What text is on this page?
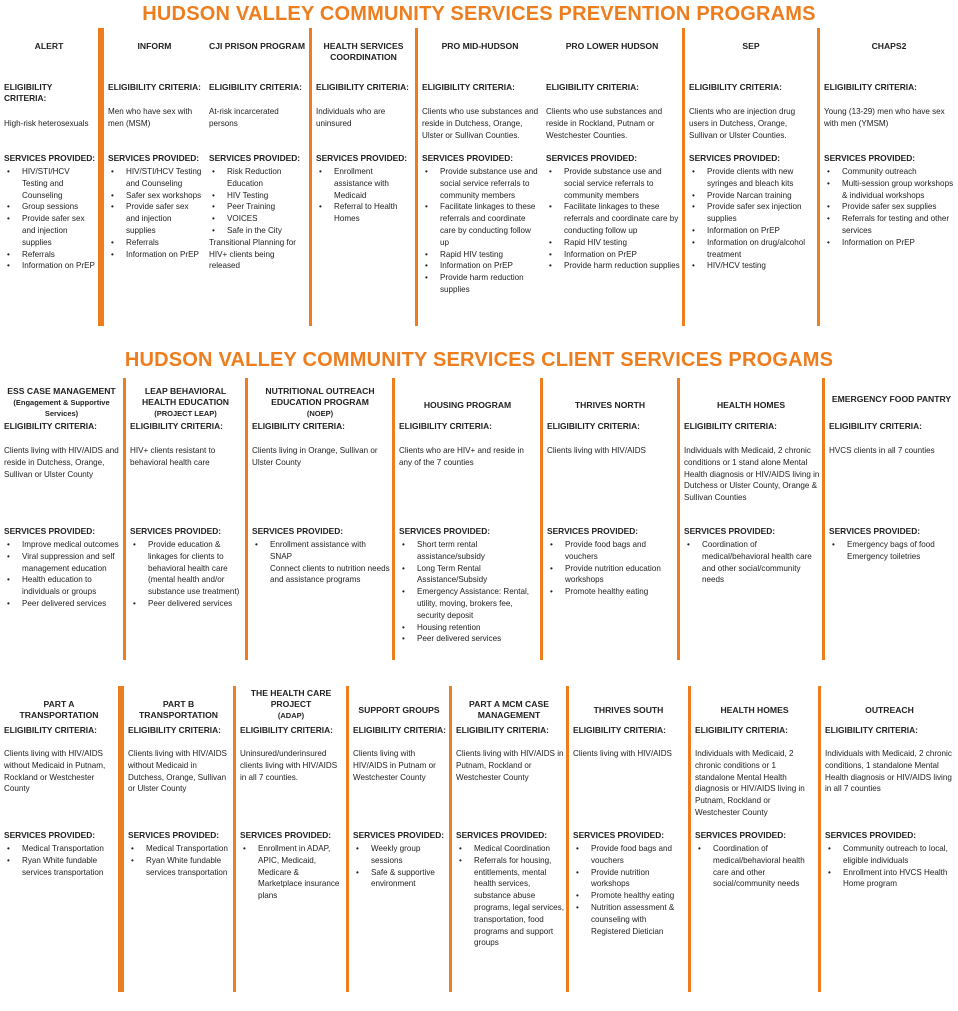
HUDSON VALLEY COMMUNITY SERVICES PREVENTION PROGRAMS
ALERT
ELIGIBILITY
CRITERIA:
High-risk heterosexuals
SERVICES PROVIDED:
• HIV/STI/HCV Testing and Counseling
• Group sessions
• Provide safer sex and injection supplies
• Referrals
• Information on PrEP
INFORM
ELIGIBILITY CRITERIA:
Men who have sex with men (MSM)
SERVICES PROVIDED:
• HIV/STI/HCV Testing and Counseling
• Safer sex workshops
• Provide safer sex and injection supplies
• Referrals
• Information on PrEP
CJI PRISON PROGRAM
ELIGIBILITY CRITERIA:
At-risk incarcerated persons
SERVICES PROVIDED:
• Risk Reduction Education
• HIV Testing
• Peer Training
• VOICES
• Safe in the City
Transitional Planning for HIV+ clients being released
HEALTH SERVICES COORDINATION
ELIGIBILITY CRITERIA:
Individuals who are uninsured
SERVICES PROVIDED:
• Enrollment assistance with Medicaid
• Referral to Health Homes
PRO MID-HUDSON
ELIGIBILITY CRITERIA:
Clients who use substances and reside in Dutchess, Orange, Ulster or Sullivan Counties.
SERVICES PROVIDED:
• Provide substance use and social service referrals to community members
• Facilitate linkages to these referrals and coordinate care by conducting follow up
• Rapid HIV testing
• Information on PrEP
• Provide harm reduction supplies
PRO LOWER HUDSON
ELIGIBILITY CRITERIA:
Clients who use substances and reside in Rockland, Putnam or Westchester Counties.
SERVICES PROVIDED:
• Provide substance use and social service referrals to community members
• Facilitate linkages to these referrals and coordinate care by conducting follow up
• Rapid HIV testing
• Information on PrEP
• Provide harm reduction supplies
SEP
ELIGIBILITY CRITERIA:
Clients who are injection drug users in Dutchess, Orange, Sullivan or Ulster Counties.
SERVICES PROVIDED:
• Provide clients with new syringes and bleach kits
• Provide Narcan training
• Provide safer sex injection supplies
• Information on PrEP
• Information on drug/alcohol treatment
• HIV/HCV testing
CHAPS2
ELIGIBILITY CRITERIA:
Young (13-29) men who have sex with men (YMSM)
SERVICES PROVIDED:
• Community outreach
• Multi-session group workshops & individual workshops
• Provide safer sex supplies
• Referrals for testing and other services
• Information on PrEP
HUDSON VALLEY COMMUNITY SERVICES CLIENT SERVICES PROGAMS
ESS CASE MANAGEMENT
(Engagement & Supportive Services)
ELIGIBILITY CRITERIA:
Clients living with HIV/AIDS and reside in Dutchess, Orange, Sullivan or Ulster County
SERVICES PROVIDED:
• Improve medical outcomes
• Viral suppression and self management education
• Health education to individuals or groups
• Peer delivered services
LEAP BEHAVIORAL HEALTH EDUCATION
(PROJECT LEAP)
ELIGIBILITY CRITERIA:
HIV+ clients resistant to behavioral health care
SERVICES PROVIDED:
• Provide education & linkages for clients to behavioral health care (mental health and/or substance use treatment)
• Peer delivered services
NUTRITIONAL OUTREACH EDUCATION PROGRAM
(NOEP)
ELIGIBILITY CRITERIA:
Clients living in Orange, Sullivan or Ulster County
SERVICES PROVIDED:
• Enrollment assistance with SNAP
Connect clients to nutrition needs and assistance programs
HOUSING PROGRAM
ELIGIBILITY CRITERIA:
Clients who are HIV+ and reside in any of the 7 counties
SERVICES PROVIDED:
• Short term rental assistance/subsidy
• Long Term Rental Assistance/Subsidy
• Emergency Assistance: Rental, utility, moving, brokers fee, security deposit
• Housing retention
• Peer delivered services
THRIVES NORTH
ELIGIBILITY CRITERIA:
Clients living with HIV/AIDS
SERVICES PROVIDED:
• Provide food bags and vouchers
• Provide nutrition education workshops
• Promote healthy eating
HEALTH HOMES
ELIGIBILITY CRITERIA:
Individuals with Medicaid, 2 chronic conditions or 1 stand alone Mental Health diagnosis or HIV/AIDS living in Dutchess or Ulster County, Orange & Sullivan Counties
SERVICES PROVIDED:
• Coordination of medical/behavioral health care and other social/community needs
EMERGENCY FOOD PANTRY
ELIGIBILITY CRITERIA:
HVCS clients in all 7 counties
SERVICES PROVIDED:
• Emergency bags of food
Emergency toiletries
PART A TRANSPORTATION
ELIGIBILITY CRITERIA:
Clients living with HIV/AIDS without Medicaid in Putnam, Rockland or Westchester County
SERVICES PROVIDED:
• Medical Transportation
• Ryan White fundable services transportation
PART B TRANSPORTATION
ELIGIBILITY CRITERIA:
Clients living with HIV/AIDS without Medicaid in Dutchess, Orange, Sullivan or Ulster County
SERVICES PROVIDED:
• Medical Transportation
• Ryan White fundable services transportation
THE HEALTH CARE PROJECT
(ADAP)
ELIGIBILITY CRITERIA:
Uninsured/underinsured clients living with HIV/AIDS in all 7 counties.
SERVICES PROVIDED:
• Enrollment in ADAP, APIC, Medicaid, Medicare & Marketplace insurance plans
SUPPORT GROUPS
ELIGIBILITY CRITERIA:
Clients living with HIV/AIDS in Putnam or Westchester County
SERVICES PROVIDED:
• Weekly group sessions
• Safe & supportive environment
PART A MCM CASE MANAGEMENT
ELIGIBILITY CRITERIA:
Clients living with HIV/AIDS in Putnam, Rockland or Westchester County
SERVICES PROVIDED:
• Medical Coordination
• Referrals for housing, entitlements, mental health services, substance abuse programs, legal services, transportation, food programs and support groups
THRIVES SOUTH
ELIGIBILITY CRITERIA:
Clients living with HIV/AIDS
SERVICES PROVIDED:
• Provide food bags and vouchers
• Provide nutrition workshops
• Promote healthy eating
• Nutrition assessment & counseling with Registered Dietician
HEALTH HOMES
ELIGIBILITY CRITERIA:
Individuals with Medicaid, 2 chronic conditions or 1 standalone Mental Health diagnosis or HIV/AIDS living in Putnam, Rockland or Westchester County
SERVICES PROVIDED:
• Coordination of medical/behavioral health care and other social/community needs
OUTREACH
ELIGIBILITY CRITERIA:
Individuals with Medicaid, 2 chronic conditions, 1 standalone Mental Health diagnosis or HIV/AIDS living in all 7 counties
SERVICES PROVIDED:
• Community outreach to local, eligible individuals
• Enrollment into HVCS Health Home program
